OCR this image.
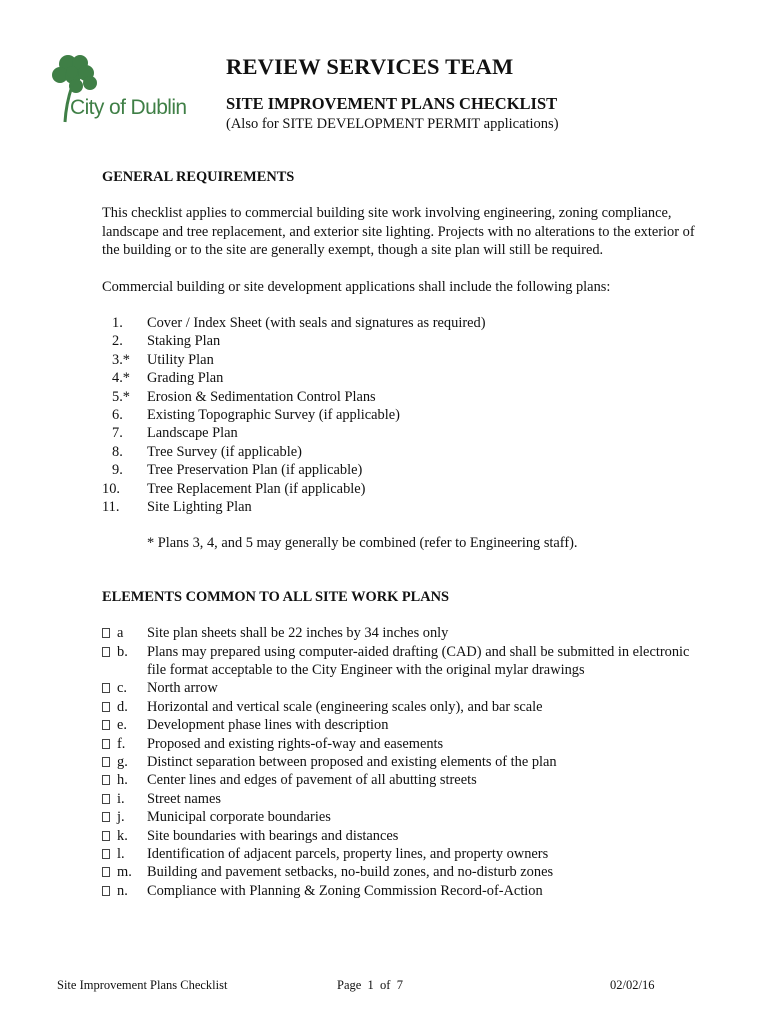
City of Dublin
REVIEW SERVICES TEAM
SITE IMPROVEMENT PLANS CHECKLIST
(Also for SITE DEVELOPMENT PERMIT applications)
GENERAL REQUIREMENTS

This checklist applies to commercial building site work involving engineering, zoning compliance, landscape and tree replacement, and exterior site lighting. Projects with no alterations to the exterior of the building or to the site are generally exempt, though a site plan will still be required.

Commercial building or site development applications shall include the following plans:

1. Cover / Index Sheet (with seals and signatures as required)
2. Staking Plan
3.* Utility Plan
4.* Grading Plan
5.* Erosion & Sedimentation Control Plans
6. Existing Topographic Survey (if applicable)
7. Landscape Plan
8. Tree Survey (if applicable)
9. Tree Preservation Plan (if applicable)
10. Tree Replacement Plan (if applicable)
11. Site Lighting Plan
* Plans 3, 4, and 5 may generally be combined (refer to Engineering staff).
ELEMENTS COMMON TO ALL SITE WORK PLANS
a Site plan sheets shall be 22 inches by 34 inches only
b. Plans may prepared using computer-aided drafting (CAD) and shall be submitted in electronic file format acceptable to the City Engineer with the original mylar drawings
c. North arrow
d. Horizontal and vertical scale (engineering scales only), and bar scale
e. Development phase lines with description
f. Proposed and existing rights-of-way and easements
g. Distinct separation between proposed and existing elements of the plan
h. Center lines and edges of pavement of all abutting streets
i. Street names
j. Municipal corporate boundaries
k. Site boundaries with bearings and distances
l. Identification of adjacent parcels, property lines, and property owners
m. Building and pavement setbacks, no-build zones, and no-disturb zones
n. Compliance with Planning & Zoning Commission Record-of-Action
Site Improvement Plans Checklist	Page  1  of  7	02/02/16
